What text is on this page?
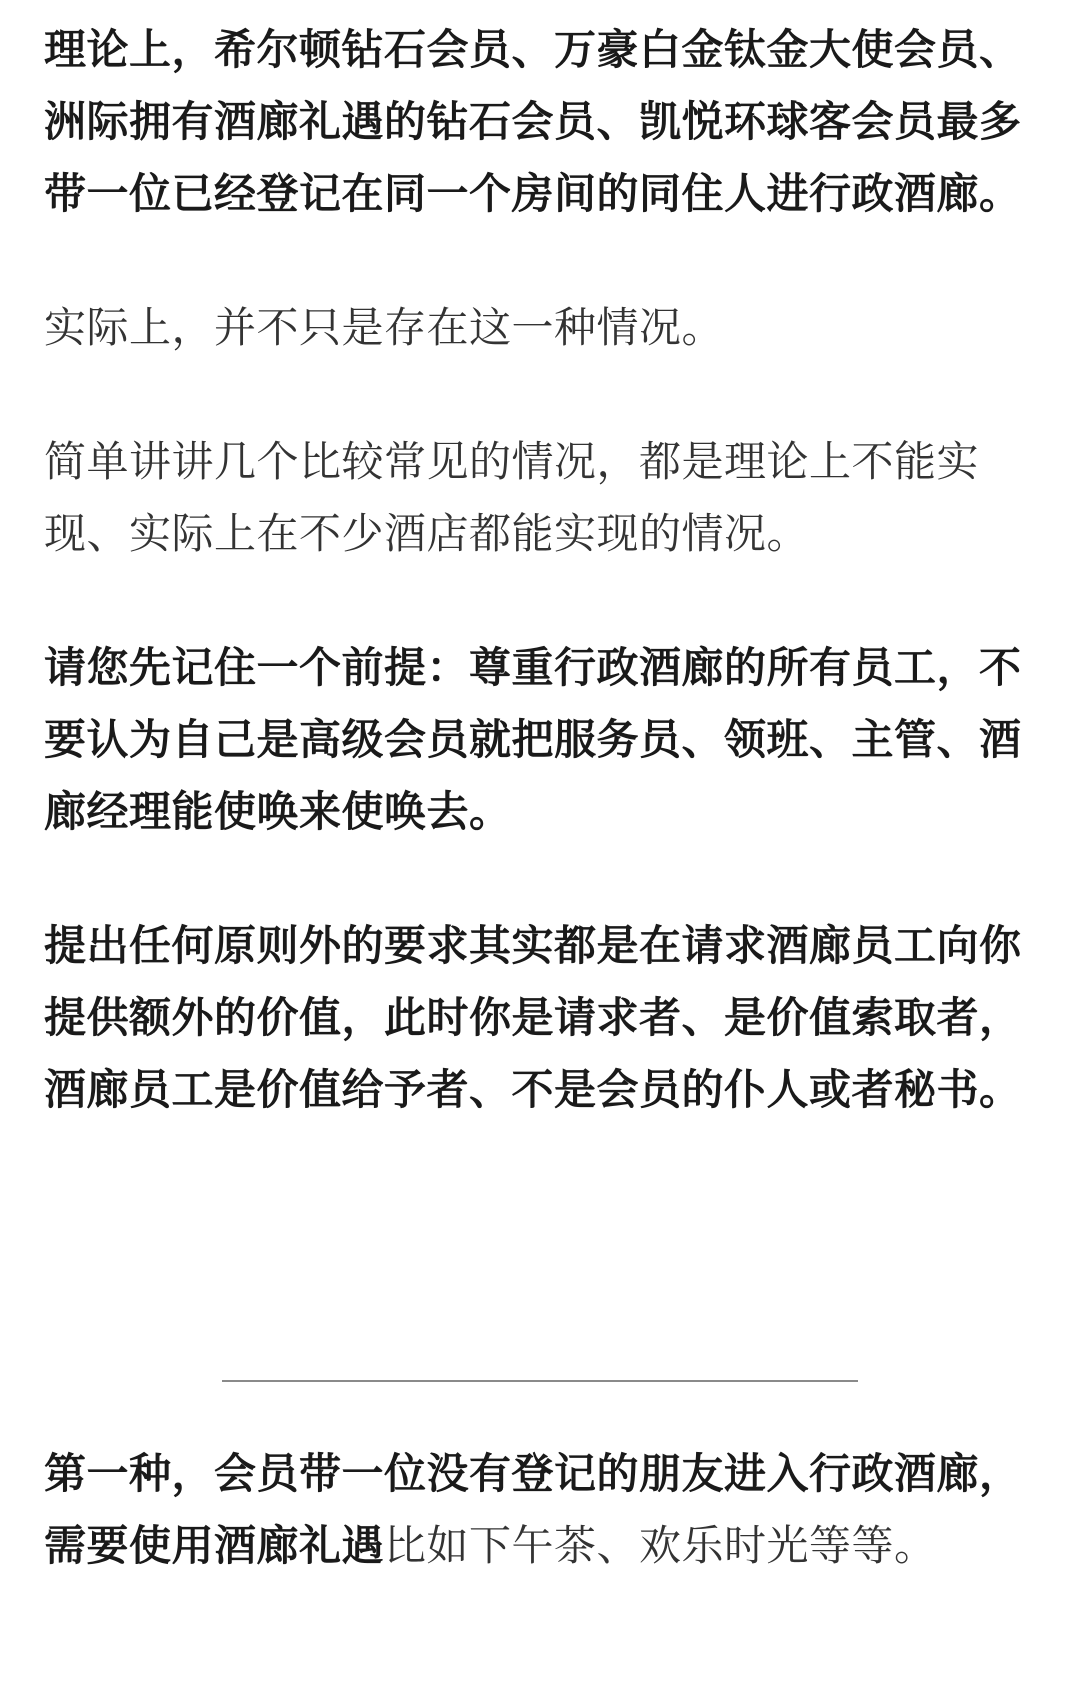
理论上，希尔顿钻石会员、万豪白金钛金大使会员、洲际拥有酒廊礼遇的钻石会员、凯悦环球客会员最多带一位已经登记在同一个房间的同住人进行政酒廊。

实际上，并不只是存在这一种情况。

简单讲讲几个比较常见的情况，都是理论上不能实现、实际上在不少酒店都能实现的情况。

请您先记住一个前提：尊重行政酒廊的所有员工，不要认为自己是高级会员就把服务员、领班、主管、酒廊经理能使唤来使唤去。

提出任何原则外的要求其实都是在请求酒廊员工向你提供额外的价值，此时你是请求者、是价值索取者，酒廊员工是价值给予者、不是会员的仆人或者秘书。

第一种，会员带一位没有登记的朋友进入行政酒廊，需要使用酒廊礼遇比如下午茶、欢乐时光等等。
